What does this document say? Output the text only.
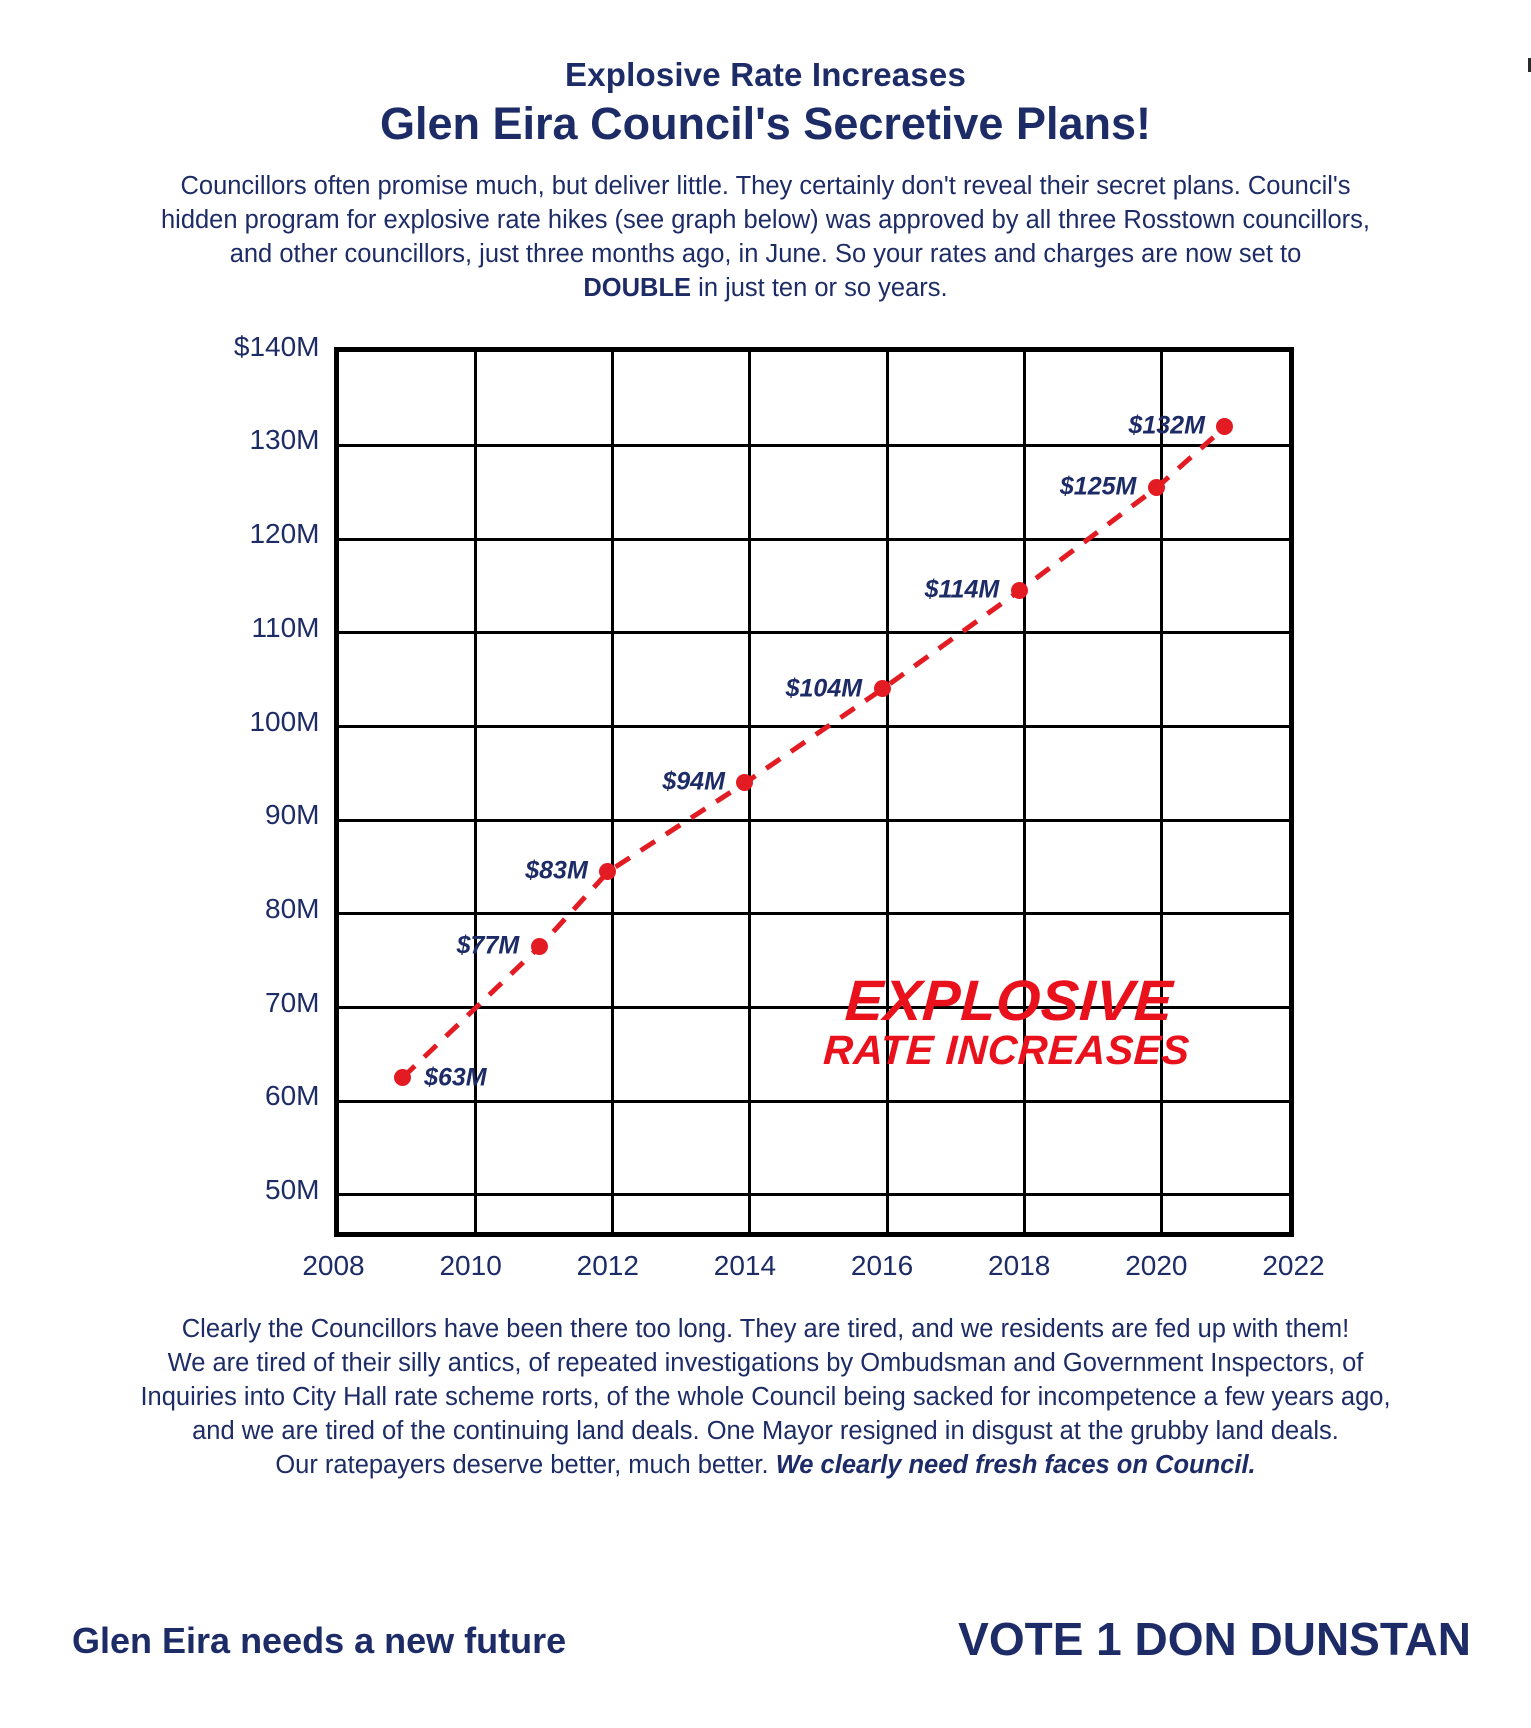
Explosive Rate Increases
Glen Eira Council's Secretive Plans!
Councillors often promise much, but deliver little. They certainly don't reveal their secret plans. Council's
hidden program for explosive rate hikes (see graph below) was approved by all three Rosstown councillors,
and other councillors, just three months ago, in June. So your rates and charges are now set to
DOUBLE in just ten or so years.
50M
60M
70M
80M
90M
100M
110M
120M
130M
$140M
2008	2010	2012	2014	2016	2018	2020	2022
$63M
$77M
$83M
$94M
$104M
$114M
$125M
$132M
EXPLOSIVE
RATE INCREASES
Clearly the Councillors have been there too long. They are tired, and we residents are fed up with them!
We are tired of their silly antics, of repeated investigations by Ombudsman and Government Inspectors, of
Inquiries into City Hall rate scheme rorts, of the whole Council being sacked for incompetence a few years ago,
and we are tired of the continuing land deals. One Mayor resigned in disgust at the grubby land deals.
Our ratepayers deserve better, much better. We clearly need fresh faces on Council.
Glen Eira needs a new future	VOTE 1 DON DUNSTAN
